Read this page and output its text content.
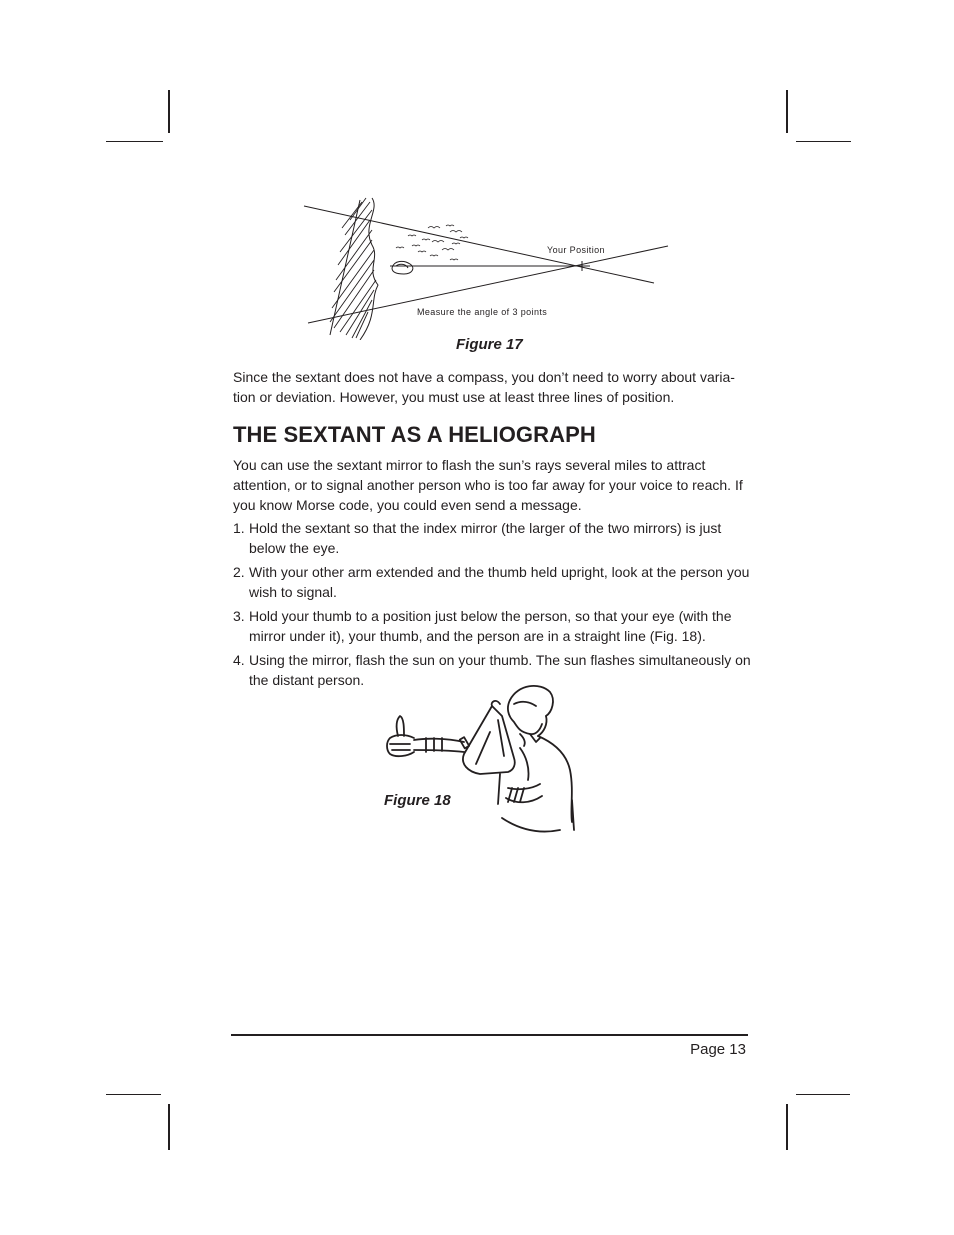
Your Position
Measure the angle of 3 points
Figure 17

Since the sextant does not have a compass, you don’t need to worry about varia-tion or deviation. However, you must use at least three lines of position.

THE SEXTANT AS A HELIOGRAPH

You can use the sextant mirror to flash the sun’s rays several miles to attract attention, or to signal another person who is too far away for your voice to reach. If you know Morse code, you could even send a message.

1. Hold the sextant so that the index mirror (the larger of the two mirrors) is just below the eye.
2. With your other arm extended and the thumb held upright, look at the person you wish to signal.
3. Hold your thumb to a position just below the person, so that your eye (with the mirror under it), your thumb, and the person are in a straight line (Fig. 18).
4. Using the mirror, flash the sun on your thumb. The sun flashes simultaneously on the distant person.
Figure 18
Page 13
